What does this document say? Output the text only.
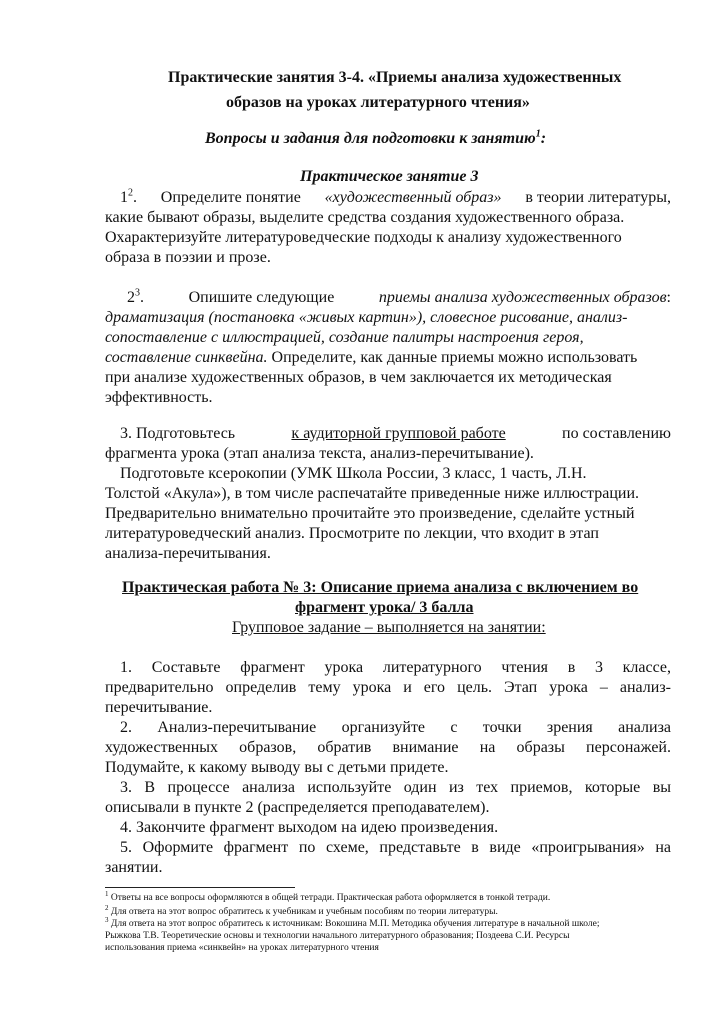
Практические занятия 3-4. «Приемы анализа художественных
образов на уроках литературного чтения»
Вопросы и задания для подготовки к занятию$^1$:
Практическое занятие 3
$1^2$. Определите понятие «художественный образ» в теории литературы,
какие бывают образы, выделите средства создания художественного образа.
Охарактеризуйте литературоведческие подходы к анализу художественного
образа в поэзии и прозе.
$2^3$.	Опишите следующие	приемы анализа художественных образов:
драматизация (постановка «живых картин»), словесное рисование, анализ-
сопоставление с иллюстрацией, создание палитры настроения героя,
составление синквейна. Определите, как данные приемы можно использовать
при анализе художественных образов, в чем заключается их методическая
эффективность.
3. Подготовьтесь	к аудиторной групповой работе	по составлению
фрагмента урока (этап анализа текста, анализ-перечитывание).
Подготовьте ксерокопии (УМК Школа России, 3 класс, 1 часть, Л.Н.
Толстой «Акула»), в том числе распечатайте приведенные ниже иллюстрации.
Предварительно внимательно прочитайте это произведение, сделайте устный
литературоведческий анализ. Просмотрите по лекции, что входит в этап
анализа-перечитывания.
Практическая работа № 3: Описание приема анализа с включением во
фрагмент урока/ 3 балла
Групповое задание – выполняется на занятии:
1. Составьте фрагмент урока литературного чтения в 3 классе,
предварительно определив тему урока и его цель. Этап урока – анализ-
перечитывание.
2. Анализ-перечитывание организуйте с точки зрения анализа
художественных образов, обратив внимание на образы персонажей.
Подумайте, к какому выводу вы с детьми придете.
3. В процессе анализа используйте один из тех приемов, которые вы
описывали в пункте 2 (распределяется преподавателем).
4. Закончите фрагмент выходом на идею произведения.
5. Оформите фрагмент по схеме, представьте в виде «проигрывания» на
занятии.
$^1$ Ответы на все вопросы оформляются в общей тетради. Практическая работа оформляется в тонкой тетради.
$^2$ Для ответа на этот вопрос обратитесь к учебникам и учебным пособиям по теории литературы.
$^3$ Для ответа на этот вопрос обратитесь к источникам: Вокошина М.П. Методика обучения литературе в начальной школе;
Рыжкова Т.В. Теоретические основы и технологии начального литературного образования; Поздеева С.И. Ресурсы
использования приема «синквейн» на уроках литературного чтения
